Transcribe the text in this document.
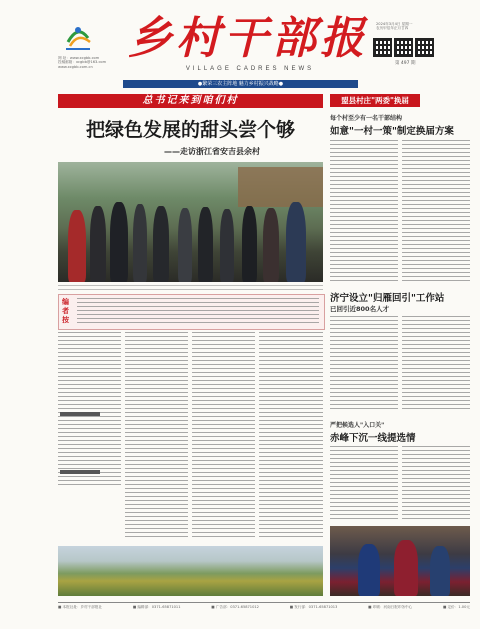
网 址：www.xcgbb.com
投稿邮箱：xcgbb@163.com
www.xcgbb.com.cn
乡村干部报
VILLAGE CADRES NEWS
2024年3月4日 星期一
农历甲辰年正月廿四
第 497 期
●繁荣三农主阵地 魅力乡村振兴战略●
总书记来到咱们村
把绿色发展的甜头尝个够
——走访浙江省安吉县余村
编者按
盟县村庄"两委"换届
每个村至少有一名干部结构
如意"一村一策"制定换届方案
济宁设立"归雁回引"工作站
已回引近800名人才
严把候选人"入口关"
赤峰下沉一线提选情
■ 本报社址：乡村干部报社	■ 编辑部：0371-65871011	■ 广告部：0371-65871012	■ 发行部：0371-65871013	■ 印刷：河南日报印务中心	■ 定价：1.00元
